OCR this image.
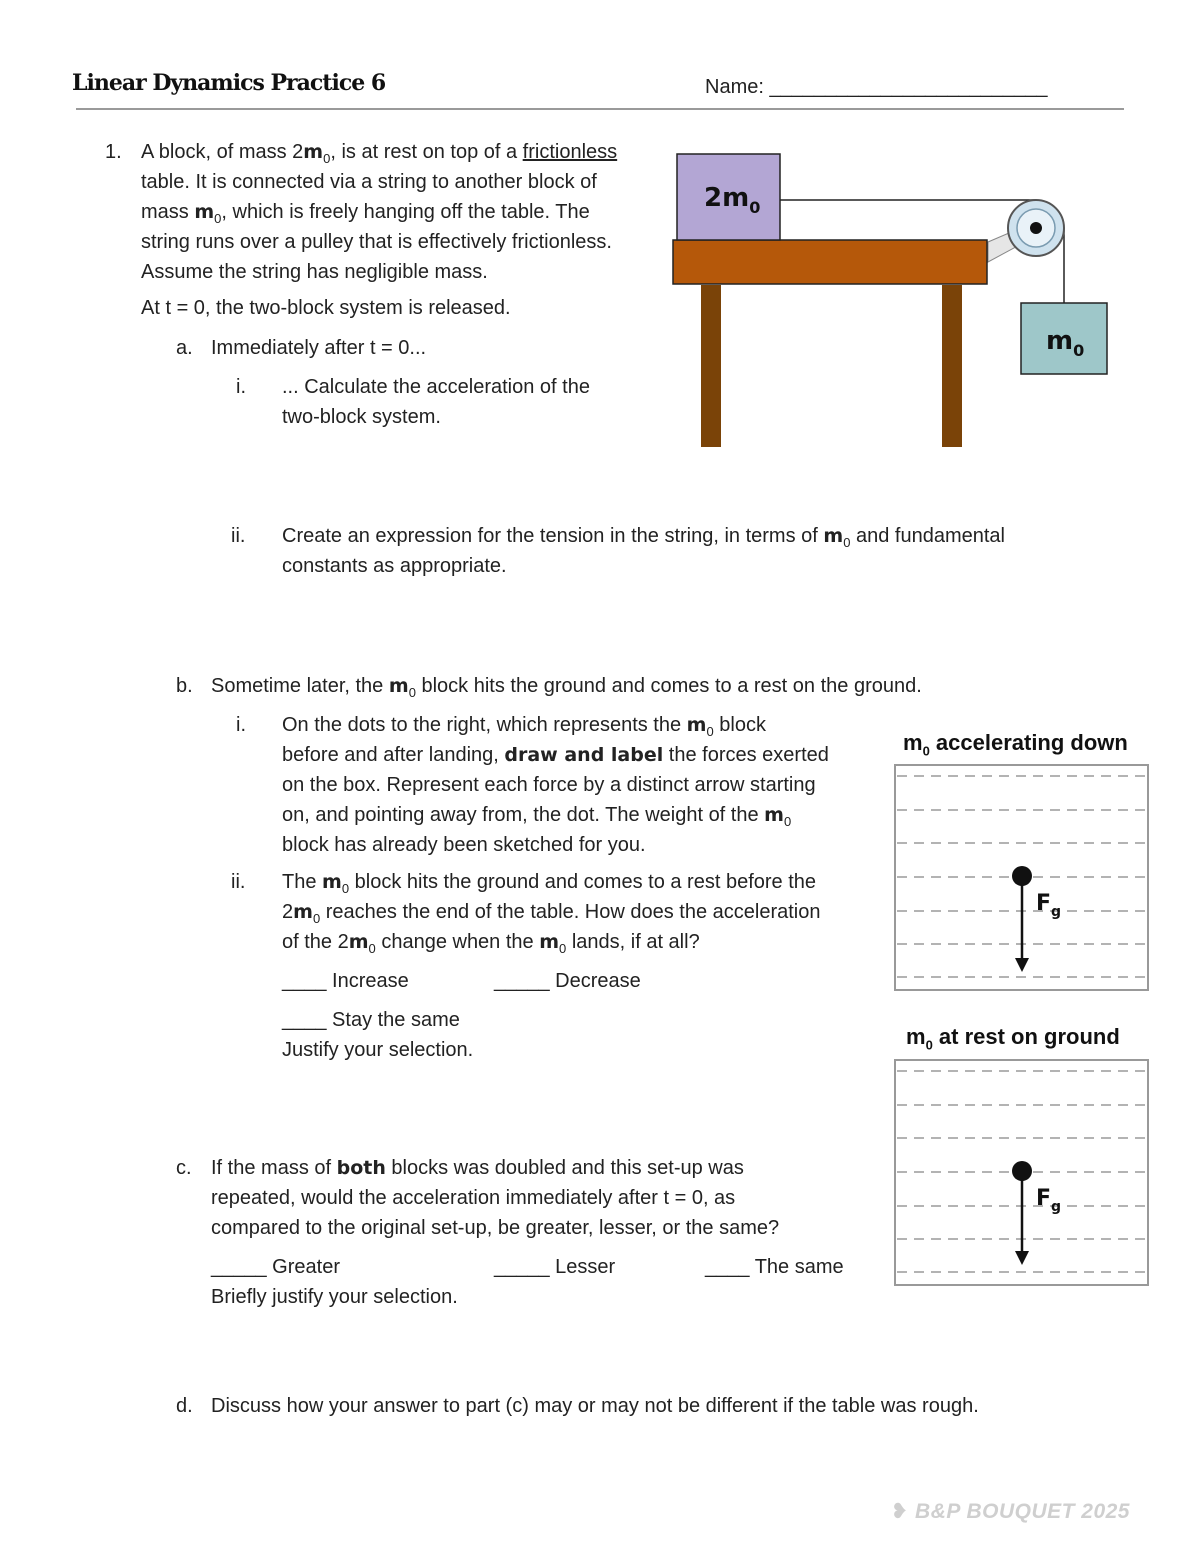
Linear Dynamics Practice 6	Name: _________________________
1. A block, of mass $2m_0$, is at rest on top of a frictionless
table. It is connected via a string to another block of
mass $m_0$, which is freely hanging off the table. The
string runs over a pulley that is effectively frictionless.
Assume the string has negligible mass.
At t = 0, the two-block system is released.
a. Immediately after t = 0...
i. ... Calculate the acceleration of the
two-block system.
ii. Create an expression for the tension in the string, in terms of $m_0$ and fundamental
constants as appropriate.
b. Sometime later, the $m_0$ block hits the ground and comes to a rest on the ground.
i. On the dots to the right, which represents the $m_0$ block
before and after landing, draw and label the forces exerted
on the box. Represent each force by a distinct arrow starting
on, and pointing away from, the dot. The weight of the $m_0$
block has already been sketched for you.
ii. The $m_0$ block hits the ground and comes to a rest before the
$2m_0$ reaches the end of the table. How does the acceleration
of the $2m_0$ change when the $m_0$ lands, if at all?
____ Increase	_____ Decrease
____ Stay the same
Justify your selection.
c. If the mass of both blocks was doubled and this set-up was
repeated, would the acceleration immediately after t = 0, as
compared to the original set-up, be greater, lesser, or the same?
_____ Greater	_____ Lesser	____ The same
Briefly justify your selection.
d. Discuss how your answer to part (c) may or may not be different if the table was rough.
$2m_0$
$m_0$
$m_0$ accelerating down
$F_g$
$m_0$ at rest on ground
$F_g$
❥ B&P BOUQUET 2025
